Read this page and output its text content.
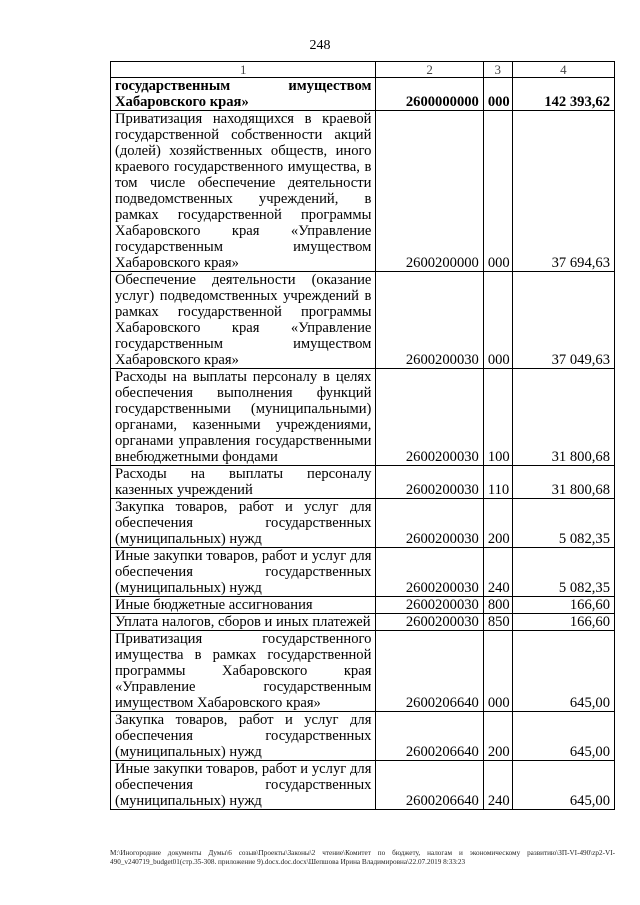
248
1	2	3	4
государственным имуществом Хабаровского края»	2600000000	000	142 393,62
Приватизация находящихся в краевой государственной собственности акций (долей) хозяйственных обществ, иного краевого государственного имущества, в том числе обеспечение деятельности подведомственных учреждений, в рамках государственной программы Хабаровского края «Управление государственным имуществом Хабаровского края»	2600200000	000	37 694,63
Обеспечение деятельности (оказание услуг) подведомственных учреждений в рамках государственной программы Хабаровского края «Управление государственным имуществом Хабаровского края»	2600200030	000	37 049,63
Расходы на выплаты персоналу в целях обеспечения выполнения функций государственными (муниципальными) органами, казенными учреждениями, органами управления государственными внебюджетными фондами	2600200030	100	31 800,68
Расходы на выплаты персоналу казенных учреждений	2600200030	110	31 800,68
Закупка товаров, работ и услуг для обеспечения государственных (муниципальных) нужд	2600200030	200	5 082,35
Иные закупки товаров, работ и услуг для обеспечения государственных (муниципальных) нужд	2600200030	240	5 082,35
Иные бюджетные ассигнования	2600200030	800	166,60
Уплата налогов, сборов и иных платежей	2600200030	850	166,60
Приватизация государственного имущества в рамках государственной программы Хабаровского края «Управление государственным имуществом Хабаровского края»	2600206640	000	645,00
Закупка товаров, работ и услуг для обеспечения государственных (муниципальных) нужд	2600206640	200	645,00
Иные закупки товаров, работ и услуг для обеспечения государственных (муниципальных) нужд	2600206640	240	645,00
M:\Иногородние документы Думы\6 созыв\Проекты\Законы\2 чтение\Комитет по бюджету, налогам и экономическому развитию\ЗП-VI-490\zp2-VI-490_v240719_budget01(стр.35-308. приложение 9).docx.doc.docx\Шепшова Ирина Владимировна\22.07.2019 8:33:23
